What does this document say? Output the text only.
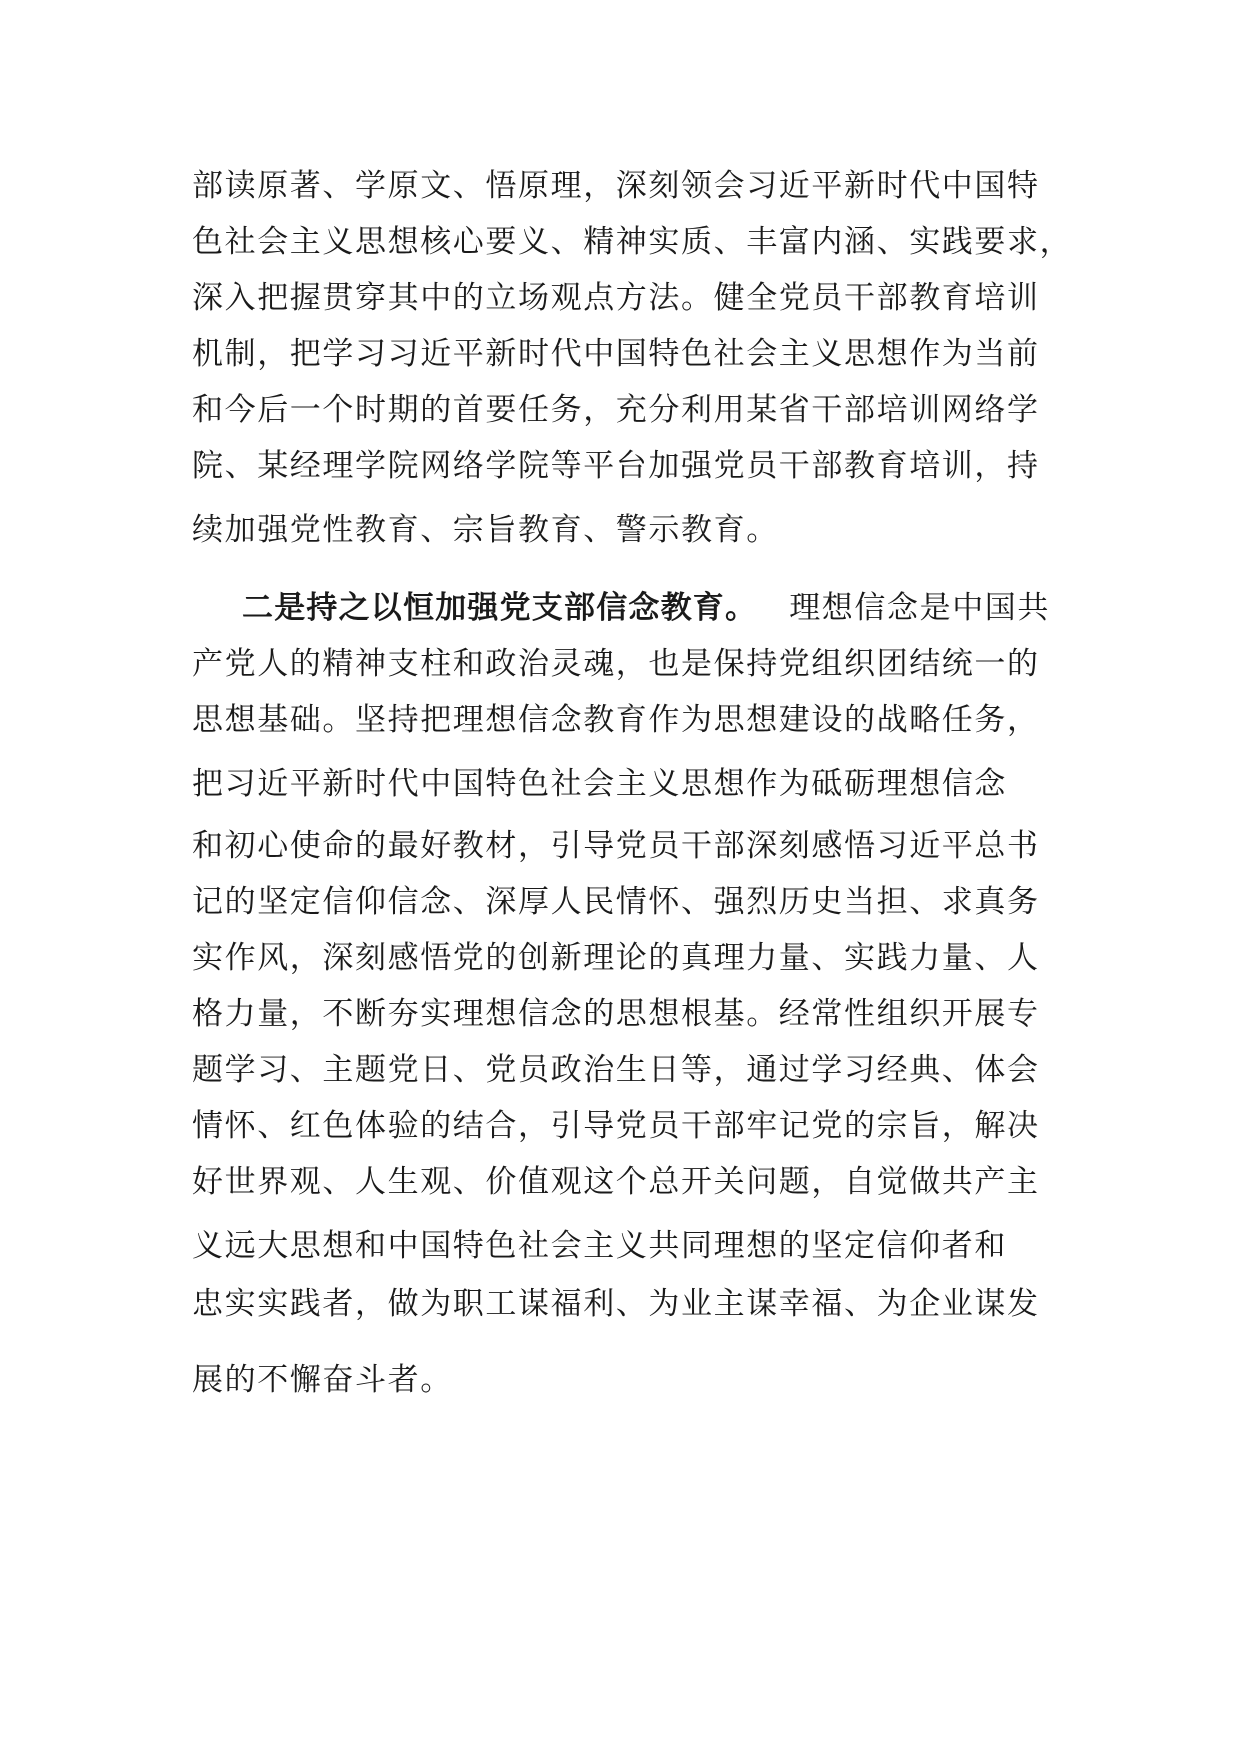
部读原著、学原文、悟原理，深刻领会习近平新时代中国特
色社会主义思想核心要义、精神实质、丰富内涵、实践要求，
深入把握贯穿其中的立场观点方法。健全党员干部教育培训
机制，把学习习近平新时代中国特色社会主义思想作为当前
和今后一个时期的首要任务，充分利用某省干部培训网络学
院、某经理学院网络学院等平台加强党员干部教育培训，持
续加强党性教育、宗旨教育、警示教育。
二是持之以恒加强党支部信念教育。 理想信念是中国共
产党人的精神支柱和政治灵魂，也是保持党组织团结统一的
思想基础。坚持把理想信念教育作为思想建设的战略任务，
把习近平新时代中国特色社会主义思想作为砥砺理想信念
和初心使命的最好教材，引导党员干部深刻感悟习近平总书
记的坚定信仰信念、深厚人民情怀、强烈历史当担、求真务
实作风，深刻感悟党的创新理论的真理力量、实践力量、人
格力量，不断夯实理想信念的思想根基。经常性组织开展专
题学习、主题党日、党员政治生日等，通过学习经典、体会
情怀、红色体验的结合，引导党员干部牢记党的宗旨，解决
好世界观、人生观、价值观这个总开关问题，自觉做共产主
义远大思想和中国特色社会主义共同理想的坚定信仰者和
忠实实践者，做为职工谋福利、为业主谋幸福、为企业谋发
展的不懈奋斗者。
